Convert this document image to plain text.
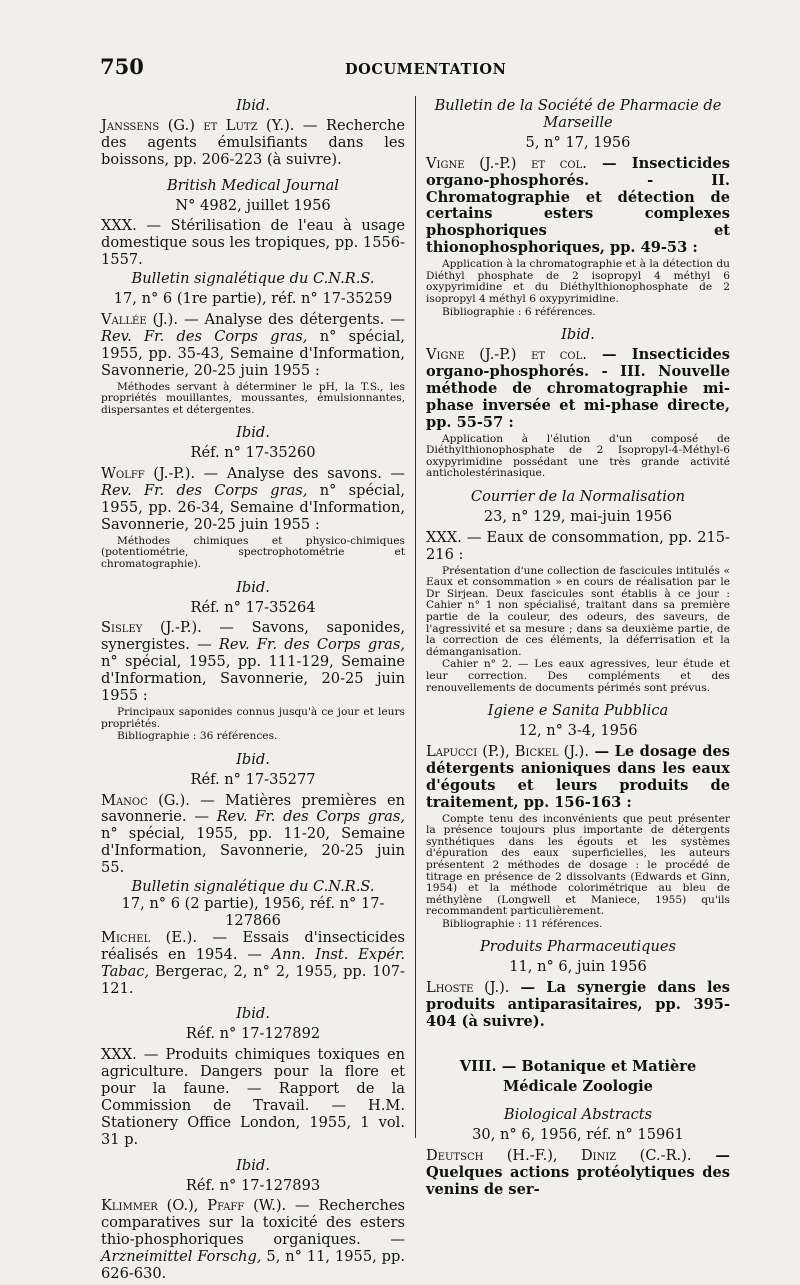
750	DOCUMENTATION
Ibid.
Janssens (G.) et Lutz (Y.). — Recherche des agents émulsifiants dans les boissons, pp. 206-223 (à suivre).
British Medical Journal
N° 4982, juillet 1956
XXX. — Stérilisation de l'eau à usage domestique sous les tropiques, pp. 1556-1557.
Bulletin signalétique du C.N.R.S.
17, n° 6 (1re partie), réf. n° 17-35259
Vallée (J.). — Analyse des détergents. — Rev. Fr. des Corps gras, n° spécial, 1955, pp. 35-43, Semaine d'Information, Savonnerie, 20-25 juin 1955 :
Méthodes servant à déterminer le pH, la T.S., les propriétés mouillantes, moussantes, émulsionnantes, dispersantes et détergentes.
Ibid.
Réf. n° 17-35260
Wolff (J.-P.). — Analyse des savons. — Rev. Fr. des Corps gras, n° spécial, 1955, pp. 26-34, Semaine d'Information, Savonnerie, 20-25 juin 1955 :
Méthodes chimiques et physico-chimiques (potentiométrie, spectrophotométrie et chromatographie).
Ibid.
Réf. n° 17-35264
Sisley (J.-P.). — Savons, saponides, synergistes. — Rev. Fr. des Corps gras, n° spécial, 1955, pp. 111-129, Semaine d'Information, Savonnerie, 20-25 juin 1955 :
Principaux saponides connus jusqu'à ce jour et leurs propriétés.
Bibliographie : 36 références.
Ibid.
Réf. n° 17-35277
Manoc (G.). — Matières premières en savonnerie. — Rev. Fr. des Corps gras, n° spécial, 1955, pp. 11-20, Semaine d'Information, Savonnerie, 20-25 juin 55.
Bulletin signalétique du C.N.R.S.
17, n° 6 (2 partie), 1956, réf. n° 17-127866
Michel (E.). — Essais d'insecticides réalisés en 1954. — Ann. Inst. Expér. Tabac, Bergerac, 2, n° 2, 1955, pp. 107-121.
Ibid.
Réf. n° 17-127892
XXX. — Produits chimiques toxiques en agriculture. Dangers pour la flore et pour la faune. — Rapport de la Commission de Travail. — H.M. Stationery Office London, 1955, 1 vol. 31 p.
Ibid.
Réf. n° 17-127893
Klimmer (O.), Pfaff (W.). — Recherches comparatives sur la toxicité des esters thio-phosphoriques organiques. — Arzneimittel Forschg, 5, n° 11, 1955, pp. 626-630.
Bulletin de la Société de Pharmacie de Marseille
5, n° 17, 1956
Vigne (J.-P.) et col. — Insecticides organo-phosphorés. - II. Chromatographie et détection de certains esters complexes phosphoriques et thionophosphoriques, pp. 49-53 :
Application à la chromatographie et à la détection du Diéthyl phosphate de 2 isopropyl 4 méthyl 6 oxypyrimidine et du Diéthylthionophosphate de 2 isopropyl 4 méthyl 6 oxypyrimidine.
Bibliographie : 6 références.
Ibid.
Vigne (J.-P.) et col. — Insecticides organo-phosphorés. - III. Nouvelle méthode de chromatographie mi-phase inversée et mi-phase directe, pp. 55-57 :
Application à l'élution d'un composé de Diéthylthionophosphate de 2 Isopropyl-4-Méthyl-6 oxypyrimidine possédant une très grande activité anticholestérinasique.
Courrier de la Normalisation
23, n° 129, mai-juin 1956
XXX. — Eaux de consommation, pp. 215-216 :
Présentation d'une collection de fascicules intitulés « Eaux et consommation » en cours de réalisation par le Dr Sirjean. Deux fascicules sont établis à ce jour : Cahier n° 1 non spécialisé, traitant dans sa première partie de la couleur, des odeurs, des saveurs, de l'agressivité et sa mesure ; dans sa deuxième partie, de la correction de ces éléments, la déferrisation et la démanganisation.
Cahier n° 2. — Les eaux agressives, leur étude et leur correction. Des compléments et des renouvellements de documents périmés sont prévus.
Igiene e Sanita Pubblica
12, n° 3-4, 1956
Lapucci (P.), Bickel (J.). — Le dosage des détergents anioniques dans les eaux d'égouts et leurs produits de traitement, pp. 156-163 :
Compte tenu des inconvénients que peut présenter la présence toujours plus importante de détergents synthétiques dans les égouts et les systèmes d'épuration des eaux superficielles, les auteurs présentent 2 méthodes de dosage : le procédé de titrage en présence de 2 dissolvants (Edwards et Ginn, 1954) et la méthode colorimétrique au bleu de méthylène (Longwell et Maniece, 1955) qu'ils recommandent particulièrement.
Bibliographie : 11 références.
Produits Pharmaceutiques
11, n° 6, juin 1956
Lhoste (J.). — La synergie dans les produits antiparasitaires, pp. 395-404 (à suivre).
VIII. — Botanique et Matière Médicale Zoologie
Biological Abstracts
30, n° 6, 1956, réf. n° 15961
Deutsch (H.-F.), Diniz (C.-R.). — Quelques actions protéolytiques des venins de ser-
